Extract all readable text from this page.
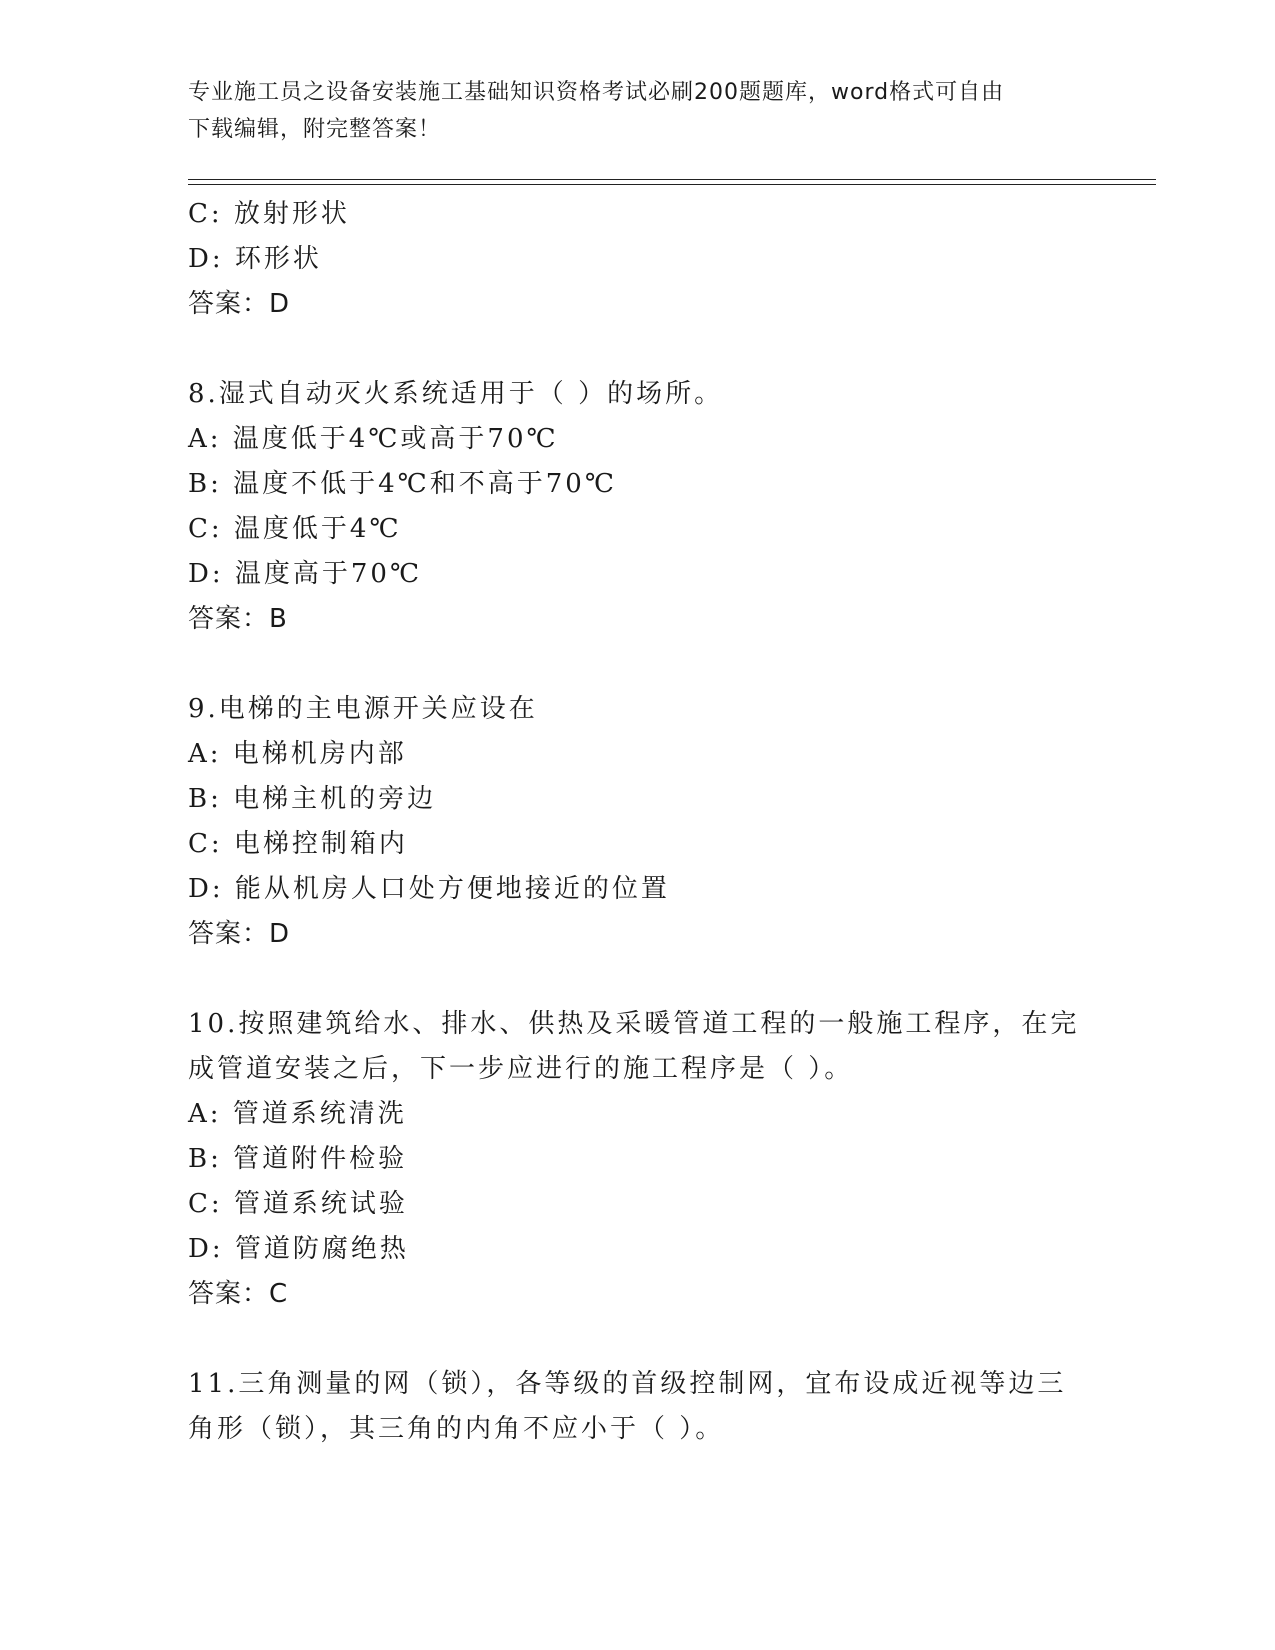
专业施工员之设备安装施工基础知识资格考试必刷200题题库，word格式可自由
下载编辑，附完整答案！
C: 放射形状
D: 环形状
答案：D
8.湿式自动灭火系统适用于（ ）的场所。
A: 温度低于4℃或高于70℃
B: 温度不低于4℃和不高于70℃
C: 温度低于4℃
D: 温度高于70℃
答案：B
9.电梯的主电源开关应设在
A: 电梯机房内部
B: 电梯主机的旁边
C: 电梯控制箱内
D: 能从机房人口处方便地接近的位置
答案：D
10.按照建筑给水、排水、供热及采暖管道工程的一般施工程序，在完
成管道安装之后，下一步应进行的施工程序是（ ）。
A: 管道系统清洗
B: 管道附件检验
C: 管道系统试验
D: 管道防腐绝热
答案：C
11.三角测量的网（锁），各等级的首级控制网，宜布设成近视等边三
角形（锁），其三角的内角不应小于（ ）。
